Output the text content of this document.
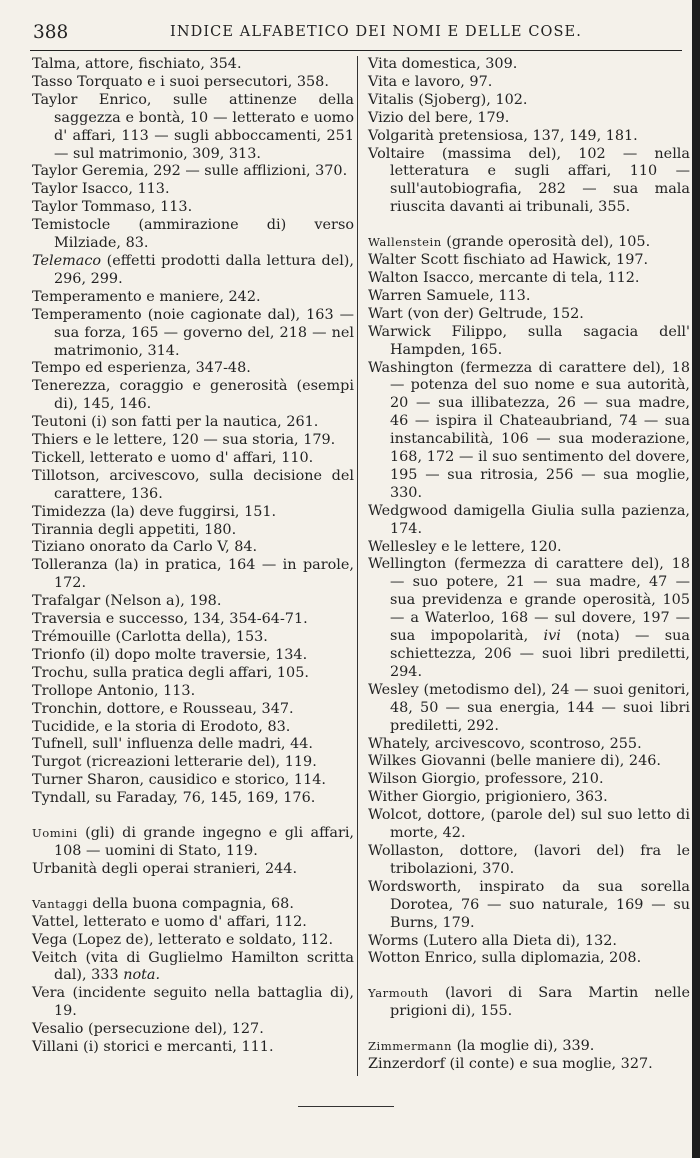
388	INDICE ALFABETICO DEI NOMI E DELLE COSE.

Talma, attore, fischiato, 354.

Tasso Torquato e i suoi persecutori, 358.

Taylor Enrico, sulle attinenze della saggezza e bontà, 10 — letterato e uomo d' affari, 113 — sugli abboccamenti, 251 — sul matrimonio, 309, 313.

Taylor Geremia, 292 — sulle afflizioni, 370.

Taylor Isacco, 113.

Taylor Tommaso, 113.

Temistocle (ammirazione di) verso Milziade, 83.

Telemaco (effetti prodotti dalla lettura del), 296, 299.

Temperamento e maniere, 242.

Temperamento (noie cagionate dal), 163 — sua forza, 165 — governo del, 218 — nel matrimonio, 314.

Tempo ed esperienza, 347-48.

Tenerezza, coraggio e generosità (esempi di), 145, 146.

Teutoni (i) son fatti per la nautica, 261.

Thiers e le lettere, 120 — sua storia, 179.

Tickell, letterato e uomo d' affari, 110.

Tillotson, arcivescovo, sulla decisione del carattere, 136.

Timidezza (la) deve fuggirsi, 151.

Tirannia degli appetiti, 180.

Tiziano onorato da Carlo V, 84.

Tolleranza (la) in pratica, 164 — in parole, 172.

Trafalgar (Nelson a), 198.

Traversia e successo, 134, 354-64-71.

Trémouille (Carlotta della), 153.

Trionfo (il) dopo molte traversie, 134.

Trochu, sulla pratica degli affari, 105.

Trollope Antonio, 113.

Tronchin, dottore, e Rousseau, 347.

Tucidide, e la storia di Erodoto, 83.

Tufnell, sull' influenza delle madri, 44.

Turgot (ricreazioni letterarie del), 119.

Turner Sharon, causidico e storico, 114.

Tyndall, su Faraday, 76, 145, 169, 176.

Uomini (gli) di grande ingegno e gli affari, 108 — uomini di Stato, 119.

Urbanità degli operai stranieri, 244.

Vantaggi della buona compagnia, 68.

Vattel, letterato e uomo d' affari, 112.

Vega (Lopez de), letterato e soldato, 112.

Veitch (vita di Guglielmo Hamilton scritta dal), 333 nota.

Vera (incidente seguito nella battaglia di), 19.

Vesalio (persecuzione del), 127.

Villani (i) storici e mercanti, 111.

Vita domestica, 309.

Vita e lavoro, 97.

Vitalis (Sjoberg), 102.

Vizio del bere, 179.

Volgarità pretensiosa, 137, 149, 181.

Voltaire (massima del), 102 — nella letteratura e sugli affari, 110 — sull'autobiografia, 282 — sua mala riuscita davanti ai tribunali, 355.

Wallenstein (grande operosità del), 105.

Walter Scott fischiato ad Hawick, 197.

Walton Isacco, mercante di tela, 112.

Warren Samuele, 113.

Wart (von der) Geltrude, 152.

Warwick Filippo, sulla sagacia dell' Hampden, 165.

Washington (fermezza di carattere del), 18 — potenza del suo nome e sua autorità, 20 — sua illibatezza, 26 — sua madre, 46 — ispira il Chateaubriand, 74 — sua instancabilità, 106 — sua moderazione, 168, 172 — il suo sentimento del dovere, 195 — sua ritrosia, 256 — sua moglie, 330.

Wedgwood damigella Giulia sulla pazienza, 174.

Wellesley e le lettere, 120.

Wellington (fermezza di carattere del), 18 — suo potere, 21 — sua madre, 47 — sua previdenza e grande operosità, 105 — a Waterloo, 168 — sul dovere, 197 — sua impopolarità, ivi (nota) — sua schiettezza, 206 — suoi libri prediletti, 294.

Wesley (metodismo del), 24 — suoi genitori, 48, 50 — sua energia, 144 — suoi libri prediletti, 292.

Whately, arcivescovo, scontroso, 255.

Wilkes Giovanni (belle maniere di), 246.

Wilson Giorgio, professore, 210.

Wither Giorgio, prigioniero, 363.

Wolcot, dottore, (parole del) sul suo letto di morte, 42.

Wollaston, dottore, (lavori del) fra le tribolazioni, 370.

Wordsworth, inspirato da sua sorella Dorotea, 76 — suo naturale, 169 — su Burns, 179.

Worms (Lutero alla Dieta di), 132.

Wotton Enrico, sulla diplomazia, 208.

Yarmouth (lavori di Sara Martin nelle prigioni di), 155.

Zimmermann (la moglie di), 339.

Zinzerdorf (il conte) e sua moglie, 327.
